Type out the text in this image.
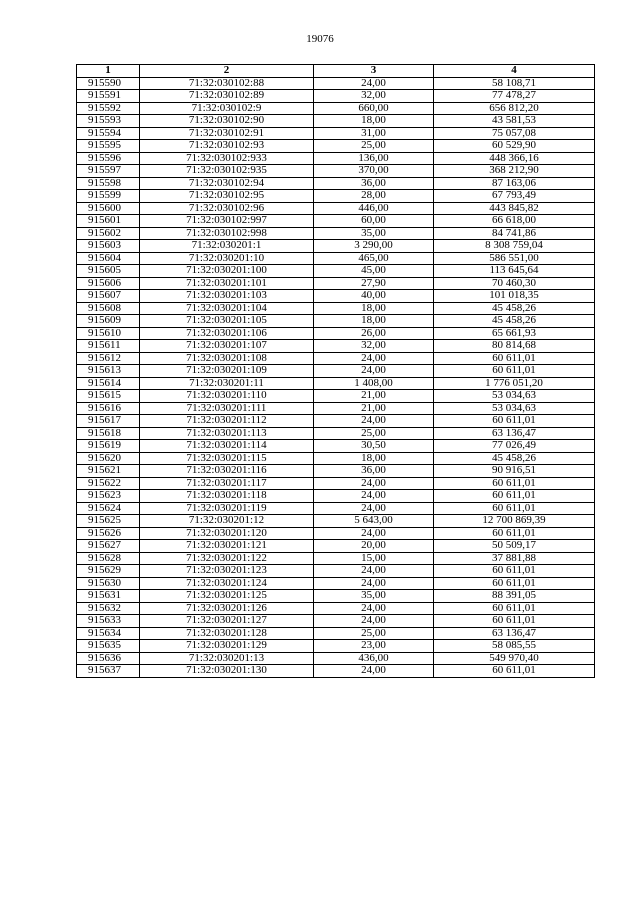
19076
1	2	3	4
915590	71:32:030102:88	24,00	58 108,71
915591	71:32:030102:89	32,00	77 478,27
915592	71:32:030102:9	660,00	656 812,20
915593	71:32:030102:90	18,00	43 581,53
915594	71:32:030102:91	31,00	75 057,08
915595	71:32:030102:93	25,00	60 529,90
915596	71:32:030102:933	136,00	448 366,16
915597	71:32:030102:935	370,00	368 212,90
915598	71:32:030102:94	36,00	87 163,06
915599	71:32:030102:95	28,00	67 793,49
915600	71:32:030102:96	446,00	443 845,82
915601	71:32:030102:997	60,00	66 618,00
915602	71:32:030102:998	35,00	84 741,86
915603	71:32:030201:1	3 290,00	8 308 759,04
915604	71:32:030201:10	465,00	586 551,00
915605	71:32:030201:100	45,00	113 645,64
915606	71:32:030201:101	27,90	70 460,30
915607	71:32:030201:103	40,00	101 018,35
915608	71:32:030201:104	18,00	45 458,26
915609	71:32:030201:105	18,00	45 458,26
915610	71:32:030201:106	26,00	65 661,93
915611	71:32:030201:107	32,00	80 814,68
915612	71:32:030201:108	24,00	60 611,01
915613	71:32:030201:109	24,00	60 611,01
915614	71:32:030201:11	1 408,00	1 776 051,20
915615	71:32:030201:110	21,00	53 034,63
915616	71:32:030201:111	21,00	53 034,63
915617	71:32:030201:112	24,00	60 611,01
915618	71:32:030201:113	25,00	63 136,47
915619	71:32:030201:114	30,50	77 026,49
915620	71:32:030201:115	18,00	45 458,26
915621	71:32:030201:116	36,00	90 916,51
915622	71:32:030201:117	24,00	60 611,01
915623	71:32:030201:118	24,00	60 611,01
915624	71:32:030201:119	24,00	60 611,01
915625	71:32:030201:12	5 643,00	12 700 869,39
915626	71:32:030201:120	24,00	60 611,01
915627	71:32:030201:121	20,00	50 509,17
915628	71:32:030201:122	15,00	37 881,88
915629	71:32:030201:123	24,00	60 611,01
915630	71:32:030201:124	24,00	60 611,01
915631	71:32:030201:125	35,00	88 391,05
915632	71:32:030201:126	24,00	60 611,01
915633	71:32:030201:127	24,00	60 611,01
915634	71:32:030201:128	25,00	63 136,47
915635	71:32:030201:129	23,00	58 085,55
915636	71:32:030201:13	436,00	549 970,40
915637	71:32:030201:130	24,00	60 611,01
